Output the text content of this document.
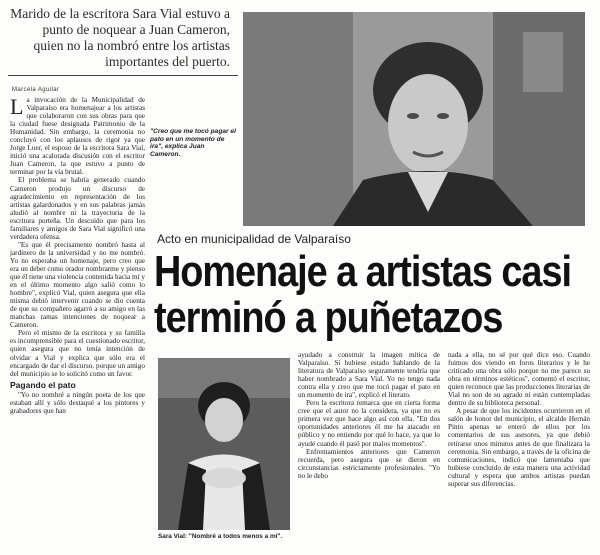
Marido de la escritora Sara Vial estuvo a punto de noquear a Juan Cameron, quien no la nombró entre los artistas importantes del puerto.
Marcela Aguilar

La invocación de la Municipalidad de Valparaíso era homenajear a los artistas que colaboraron con sus obras para que la ciudad fuese designada Patrimonio de la Humanidad. Sin embargo, la ceremonia no concluyó con los aplausos de rigor ya que Jorge Luer, el esposo de la escritora Sara Vial, inició una acalorada discusión con el escritor Juan Cameron, la que estuvo a punto de terminar por la vía brutal.

El problema se habría generado cuando Cameron produjo un discurso de agradecimiento en representación de los artistas galardonados y en sus palabras jamás aludió al nombre ni la trayectoria de la escritora porteña. Un descuido que para los familiares y amigos de Sara Vial significó una verdadera ofensa.

"Es que él precisamente nombró hasta al jardinero de la universidad y no me nombró. Yo no esperaba un homenaje, pero creo que era un deber como orador nombrarme y pienso que él tiene una violencia contenida hacia mí y en el último momento algo salió como lo hombre", explicó Vial, quien asegura que ella misma debió intervenir cuando se dio cuenta de que su compañero agarró a su amigo en las manchas ramas intenciones de noquear a Cameron.

Pero el mismo de la escritora y su familia es incomprensible para el cuestionado escritor, quien asegura que no tenía intención de olvidar a Vial y explica que sólo era el encargado de dar el discurso, porque un amigo del municipio se lo solicitó como un favor.

Pagando el pato

"Yo no nombré a ningún poeta de los que estaban allí y sólo destaqué a los pintores y grabadores que han

"Creo que me tocó pagar el pato en un momento de ira", explica Juan Cameron.
Acto en municipalidad de Valparaíso
Homenaje a artistas casi
terminó a puñetazos
Sara Vial: "Nombré a todos menos a mí".

ayudado a construir la imagen mítica de Valparaíso. Si hubiese estado hablando de la literatura de Valparaíso seguramente tendría que haber nombrado a Sara Vial. Yo no tengo nada contra ella y creo que me tocó pagar el pato en un momento de ira", explicó el literato.

Pero la escritora remarca que en cierta forma cree que el autor no la considera, ya que no es primera vez que hace algo así con ella. "En dos oportunidades anteriores él me ha atacado en público y no entiendo por qué lo hace, ya que lo ayudé cuando él pasó por malos momentos".

Enfrentamientos anteriores que Cameron recuerda, pero asegura que se dieron en circunstancias estrictamente profesionales. "Yo no le debo

nada a ella, no sé por qué dice eso. Cuando fuimos dos viendo en foros literarios y le he criticado una obra sólo porque no me parece su obra en términos estéticos", comentó el escritor, quien reconoce que las producciones literarias de Vial no son de su agrado ni están contempladas dentro de su biblioteca personal.

A pesar de que los incidentes ocurrieron en el salón de honor del municipio, el alcalde Hernán Pinto apenas se enteró de ellos por los comentarios de sus asesores, ya que debió retirarse unos minutos antes de que finalizara la ceremonia. Sin embargo, a través de la oficina de comunicaciones, indicó que lamentaba que hubiese concluido de esta manera una actividad cultural y espera que ambos artistas puedan superar sus diferencias.
